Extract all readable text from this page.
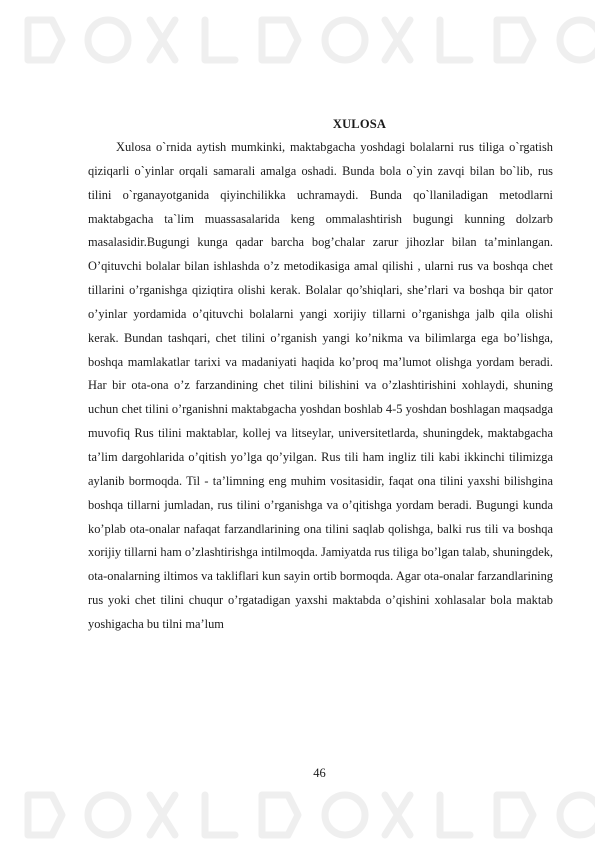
XULOSA

Xulosa o`rnida aytish mumkinki, maktabgacha yoshdagi bolalarni rus tiliga o`rgatish qiziqarli o`yinlar orqali samarali amalga oshadi. Bunda bola o`yin zavqi bilan bo`lib, rus tilini o`rganayotganida qiyinchilikka uchramaydi. Bunda qo`llaniladigan metodlarni maktabgacha ta`lim muassasalarida keng ommalashtirish bugungi kunning dolzarb masalasidir.Bugungi kunga qadar barcha bog’chalar zarur jihozlar bilan ta’minlangan. O’qituvchi bolalar bilan ishlashda o’z metodikasiga amal qilishi , ularni rus va boshqa chet tillarini o’rganishga qiziqtira olishi kerak. Bolalar qo’shiqlari, she’rlari va boshqa bir qator o’yinlar yordamida o’qituvchi bolalarni yangi xorijiy tillarni o’rganishga jalb qila olishi kerak. Bundan tashqari, chet tilini o’rganish yangi ko’nikma va bilimlarga ega bo’lishga, boshqa mamlakatlar tarixi va madaniyati haqida ko’proq ma’lumot olishga yordam beradi. Har bir ota-ona o’z farzandining chet tilini bilishini va o’zlashtirishini xohlaydi, shuning uchun chet tilini o’rganishni maktabgacha yoshdan boshlab 4-5 yoshdan boshlagan maqsadga muvofiq Rus tilini maktablar, kollej va litseylar, universitetlarda, shuningdek, maktabgacha ta’lim dargohlarida o’qitish yo’lga qo’yilgan. Rus tili ham ingliz tili kabi ikkinchi tilimizga aylanib bormoqda. Til - ta’limning eng muhim vositasidir, faqat ona tilini yaxshi bilishgina boshqa tillarni jumladan, rus tilini o’rganishga va o’qitishga yordam beradi. Bugungi kunda ko’plab ota-onalar nafaqat farzandlarining ona tilini saqlab qolishga, balki rus tili va boshqa xorijiy tillarni ham o’zlashtirishga intilmoqda. Jamiyatda rus tiliga bo’lgan talab, shuningdek, ota-onalarning iltimos va takliflari kun sayin ortib bormoqda. Agar ota-onalar farzandlarining rus yoki chet tilini chuqur o’rgatadigan yaxshi maktabda o’qishini xohlasalar bola maktab yoshigacha bu tilni ma’lum

46
